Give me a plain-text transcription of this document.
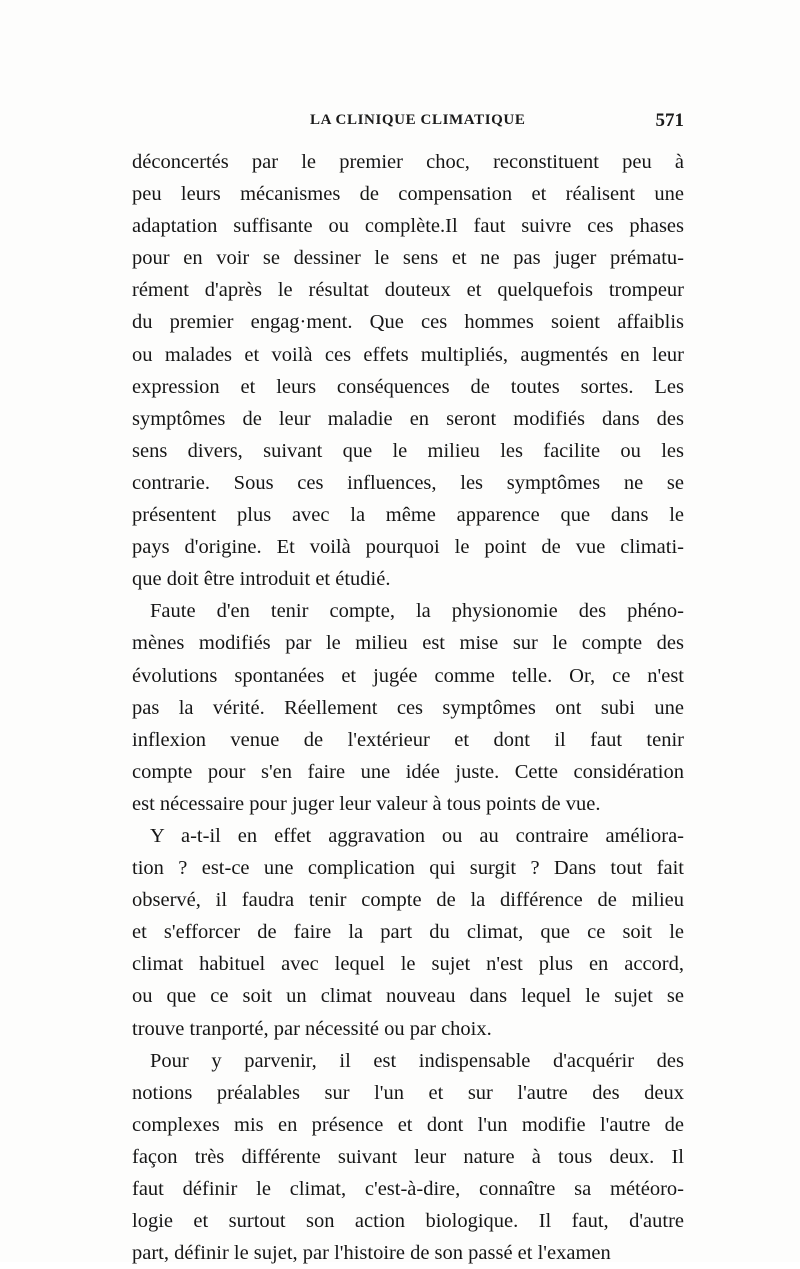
LA CLINIQUE CLIMATIQUE	571
déconcertés par le premier choc, reconstituent peu à
peu leurs mécanismes de compensation et réalisent une
adaptation suffisante ou complète.Il faut suivre ces phases
pour en voir se dessiner le sens et ne pas juger prématu-
rément d'après le résultat douteux et quelquefois trompeur
du premier engag·ment. Que ces hommes soient affaiblis
ou malades et voilà ces effets multipliés, augmentés en leur
expression et leurs conséquences de toutes sortes. Les
symptômes de leur maladie en seront modifiés dans des
sens divers, suivant que le milieu les facilite ou les
contrarie. Sous ces influences, les symptômes ne se
présentent plus avec la même apparence que dans le
pays d'origine. Et voilà pourquoi le point de vue climati-
que doit être introduit et étudié.
Faute d'en tenir compte, la physionomie des phéno-
mènes modifiés par le milieu est mise sur le compte des
évolutions spontanées et jugée comme telle. Or, ce n'est
pas la vérité. Réellement ces symptômes ont subi une
inflexion venue de l'extérieur et dont il faut tenir
compte pour s'en faire une idée juste. Cette considération
est nécessaire pour juger leur valeur à tous points de vue.
Y a-t-il en effet aggravation ou au contraire améliora-
tion ? est-ce une complication qui surgit ? Dans tout fait
observé, il faudra tenir compte de la différence de milieu
et s'efforcer de faire la part du climat, que ce soit le
climat habituel avec lequel le sujet n'est plus en accord,
ou que ce soit un climat nouveau dans lequel le sujet se
trouve tranporté, par nécessité ou par choix.
Pour y parvenir, il est indispensable d'acquérir des
notions préalables sur l'un et sur l'autre des deux
complexes mis en présence et dont l'un modifie l'autre de
façon très différente suivant leur nature à tous deux. Il
faut définir le climat, c'est-à-dire, connaître sa météoro-
logie et surtout son action biologique. Il faut, d'autre
part, définir le sujet, par l'histoire de son passé et l'examen
